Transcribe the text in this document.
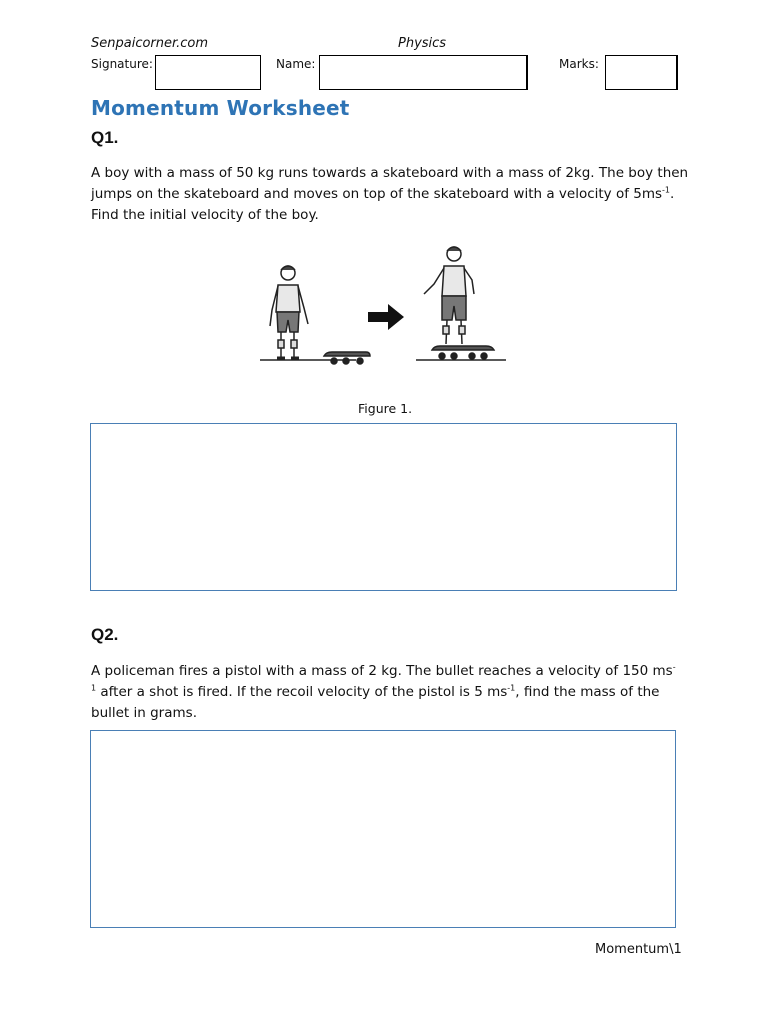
Senpaicorner.com	Physics
Signature:	Name:	Marks:
Momentum Worksheet
Q1.
A boy with a mass of 50 kg runs towards a skateboard with a mass of 2kg. The boy then jumps on the skateboard and moves on top of the skateboard with a velocity of $5ms^{-1}$. Find the initial velocity of the boy.
Figure 1.
Q2.
A policeman fires a pistol with a mass of 2 kg. The bullet reaches a velocity of 150 $ms^{-1}$ after a shot is fired. If the recoil velocity of the pistol is 5 $ms^{-1}$, find the mass of the bullet in grams.
Momentum\1
